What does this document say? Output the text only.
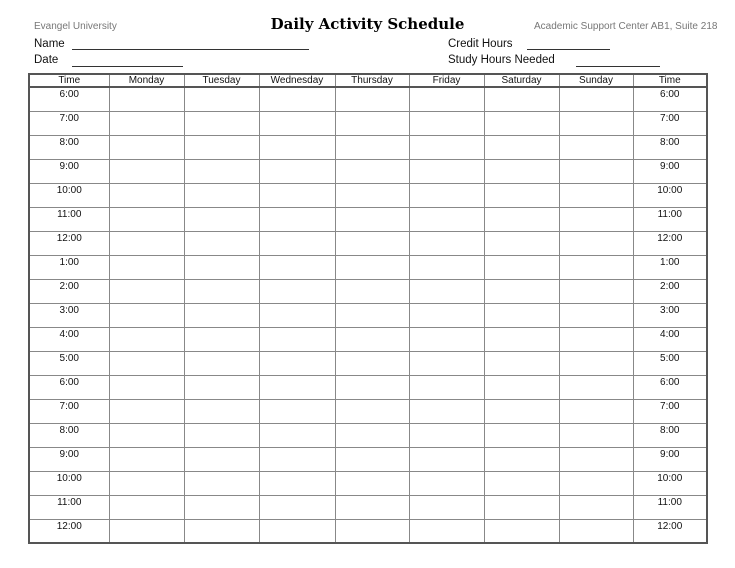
Evangel University	Daily Activity Schedule	Academic Support Center AB1, Suite 218
Name
Date
Credit Hours
Study Hours Needed
Time	Monday	Tuesday	Wednesday	Thursday	Friday	Saturday	Sunday	Time
6:00								6:00
7:00								7:00
8:00								8:00
9:00								9:00
10:00								10:00
11:00								11:00
12:00								12:00
1:00								1:00
2:00								2:00
3:00								3:00
4:00								4:00
5:00								5:00
6:00								6:00
7:00								7:00
8:00								8:00
9:00								9:00
10:00								10:00
11:00								11:00
12:00								12:00
